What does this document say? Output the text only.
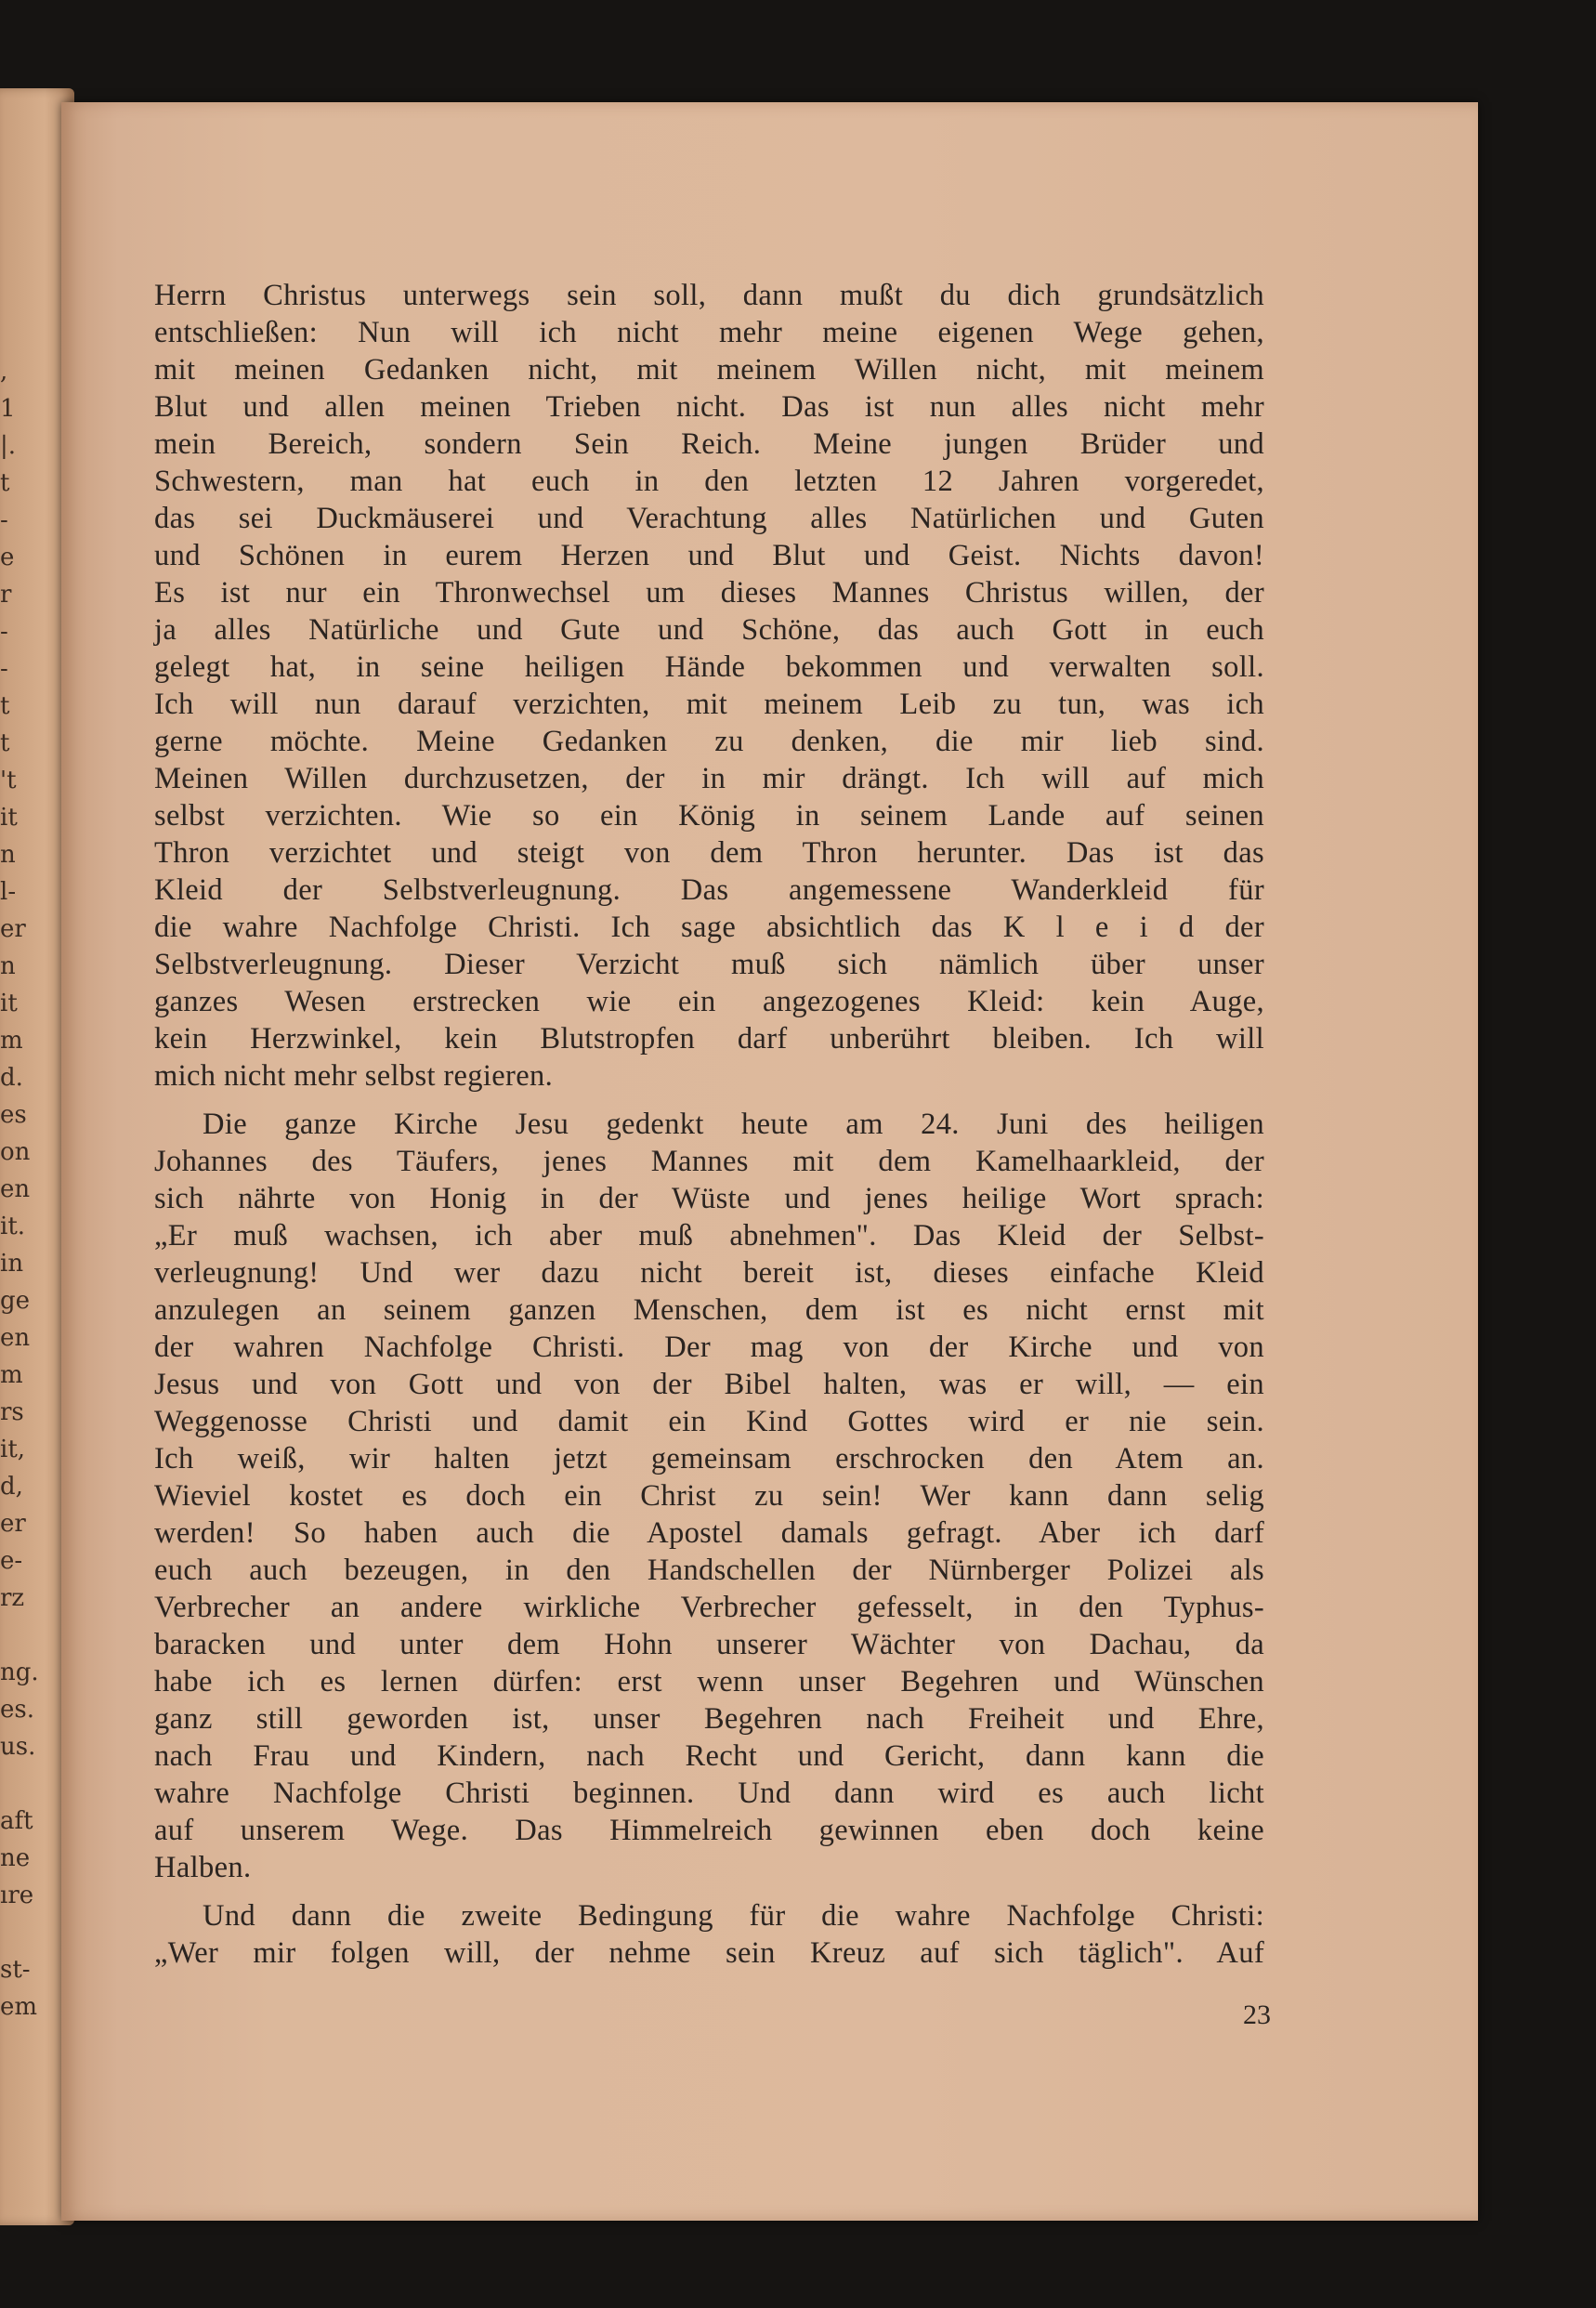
,
1
|.
t
-
e
r
-
-
t
t
't
it
n
l-
er
n
it
m
d.
es
on
en
it.
in
ge
en
m
rs
it,
d,
er
e-
rz
ng.
es.
us.
aft
ne
ıre
st-
em
Herrn Christus unterwegs sein soll, dann mußt du dich grundsätzlich
entschließen: Nun will ich nicht mehr meine eigenen Wege gehen,
mit meinen Gedanken nicht, mit meinem Willen nicht, mit meinem
Blut und allen meinen Trieben nicht. Das ist nun alles nicht mehr
mein Bereich, sondern Sein Reich. Meine jungen Brüder und
Schwestern, man hat euch in den letzten 12 Jahren vorgeredet,
das sei Duckmäuserei und Verachtung alles Natürlichen und Guten
und Schönen in eurem Herzen und Blut und Geist. Nichts davon!
Es ist nur ein Thronwechsel um dieses Mannes Christus willen, der
ja alles Natürliche und Gute und Schöne, das auch Gott in euch
gelegt hat, in seine heiligen Hände bekommen und verwalten soll.
Ich will nun darauf verzichten, mit meinem Leib zu tun, was ich
gerne möchte. Meine Gedanken zu denken, die mir lieb sind.
Meinen Willen durchzusetzen, der in mir drängt. Ich will auf mich
selbst verzichten. Wie so ein König in seinem Lande auf seinen
Thron verzichtet und steigt von dem Thron herunter. Das ist das
Kleid der Selbstverleugnung. Das angemessene Wanderkleid für
die wahre Nachfolge Christi. Ich sage absichtlich das K l e i d der
Selbstverleugnung. Dieser Verzicht muß sich nämlich über unser
ganzes Wesen erstrecken wie ein angezogenes Kleid: kein Auge,
kein Herzwinkel, kein Blutstropfen darf unberührt bleiben. Ich will
mich nicht mehr selbst regieren.
Die ganze Kirche Jesu gedenkt heute am 24. Juni des heiligen
Johannes des Täufers, jenes Mannes mit dem Kamelhaarkleid, der
sich nährte von Honig in der Wüste und jenes heilige Wort sprach:
„Er muß wachsen, ich aber muß abnehmen". Das Kleid der Selbst-
verleugnung! Und wer dazu nicht bereit ist, dieses einfache Kleid
anzulegen an seinem ganzen Menschen, dem ist es nicht ernst mit
der wahren Nachfolge Christi. Der mag von der Kirche und von
Jesus und von Gott und von der Bibel halten, was er will, — ein
Weggenosse Christi und damit ein Kind Gottes wird er nie sein.
Ich weiß, wir halten jetzt gemeinsam erschrocken den Atem an.
Wieviel kostet es doch ein Christ zu sein! Wer kann dann selig
werden! So haben auch die Apostel damals gefragt. Aber ich darf
euch auch bezeugen, in den Handschellen der Nürnberger Polizei als
Verbrecher an andere wirkliche Verbrecher gefesselt, in den Typhus-
baracken und unter dem Hohn unserer Wächter von Dachau, da
habe ich es lernen dürfen: erst wenn unser Begehren und Wünschen
ganz still geworden ist, unser Begehren nach Freiheit und Ehre,
nach Frau und Kindern, nach Recht und Gericht, dann kann die
wahre Nachfolge Christi beginnen. Und dann wird es auch licht
auf unserem Wege. Das Himmelreich gewinnen eben doch keine
Halben.
Und dann die zweite Bedingung für die wahre Nachfolge Christi:
„Wer mir folgen will, der nehme sein Kreuz auf sich täglich". Auf
23
